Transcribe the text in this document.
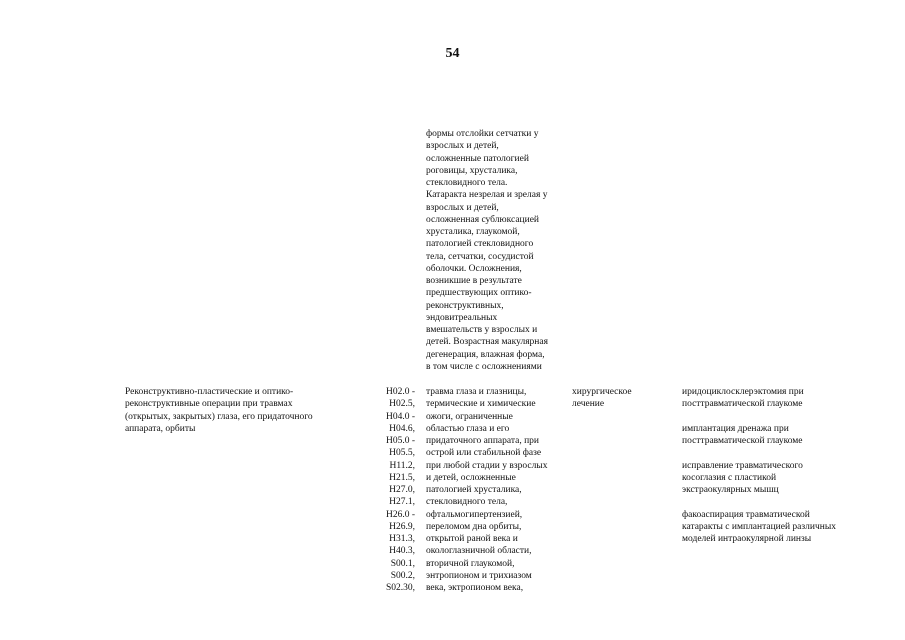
54
формы отслойки сетчатки у
взрослых и детей,
осложненные патологией
роговицы, хрусталика,
стекловидного тела.
Катаракта незрелая и зрелая у
взрослых и детей,
осложненная сублюксацией
хрусталика, глаукомой,
патологией стекловидного
тела, сетчатки, сосудистой
оболочки. Осложнения,
возникшие в результате
предшествующих оптико-
реконструктивных,
эндовитреальных
вмешательств у взрослых и
детей. Возрастная макулярная
дегенерация, влажная форма,
в том числе с осложнениями
Реконструктивно-пластические и оптико-
реконструктивные операции при травмах
(открытых, закрытых) глаза, его придаточного
аппарата, орбиты
H02.0 -
H02.5,
H04.0 -
H04.6,
H05.0 -
H05.5,
H11.2,
H21.5,
H27.0,
H27.1,
H26.0 -
H26.9,
H31.3,
H40.3,
S00.1,
S00.2,
S02.30,
травма глаза и глазницы,
термические и химические
ожоги, ограниченные
областью глаза и его
придаточного аппарата, при
острой или стабильной фазе
при любой стадии у взрослых
и детей, осложненные
патологией хрусталика,
стекловидного тела,
офтальмогипертензией,
переломом дна орбиты,
открытой раной века и
окологлазничной области,
вторичной глаукомой,
энтропионом и трихиазом
века, эктропионом века,
хирургическое
лечение
иридоциклосклерэктомия при
посттравматической глаукоме
имплантация дренажа при
посттравматической глаукоме
исправление травматического
косоглазия с пластикой
экстраокулярных мышц
факоаспирация травматической
катаракты с имплантацией различных
моделей интраокулярной линзы
